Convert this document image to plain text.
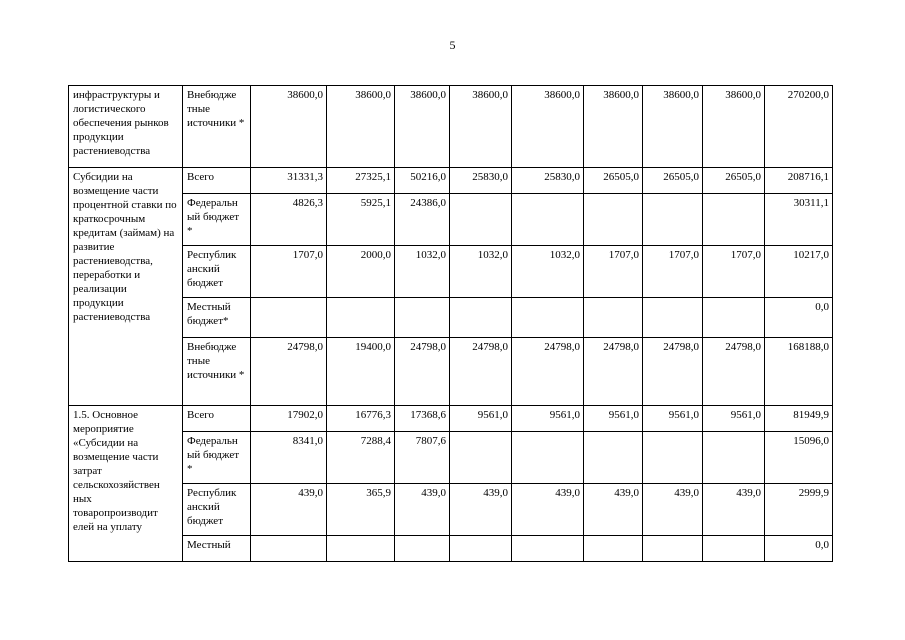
5
инфраструктуры и логистического обеспечения рынков продукции растениеводства	Внебюдже тные источники *	38600,0	38600,0	38600,0	38600,0	38600,0	38600,0	38600,0	38600,0	270200,0
Субсидии на возмещение части процентной ставки по краткосрочным кредитам (займам) на развитие растениеводства, переработки и реализации продукции растениеводства	Всего	31331,3	27325,1	50216,0	25830,0	25830,0	26505,0	26505,0	26505,0	208716,1
	Федеральн ый бюджет *	4826,3	5925,1	24386,0						30311,1
	Республик анский бюджет	1707,0	2000,0	1032,0	1032,0	1032,0	1707,0	1707,0	1707,0	10217,0
	Местный бюджет*									0,0
	Внебюдже тные источники *	24798,0	19400,0	24798,0	24798,0	24798,0	24798,0	24798,0	24798,0	168188,0
1.5. Основное мероприятие «Субсидии на возмещение части затрат сельскохозяйствен ных товаропроизводит елей на уплату	Всего	17902,0	16776,3	17368,6	9561,0	9561,0	9561,0	9561,0	9561,0	81949,9
	Федеральн ый бюджет *	8341,0	7288,4	7807,6						15096,0
	Республик анский бюджет	439,0	365,9	439,0	439,0	439,0	439,0	439,0	439,0	2999,9
	Местный									0,0
